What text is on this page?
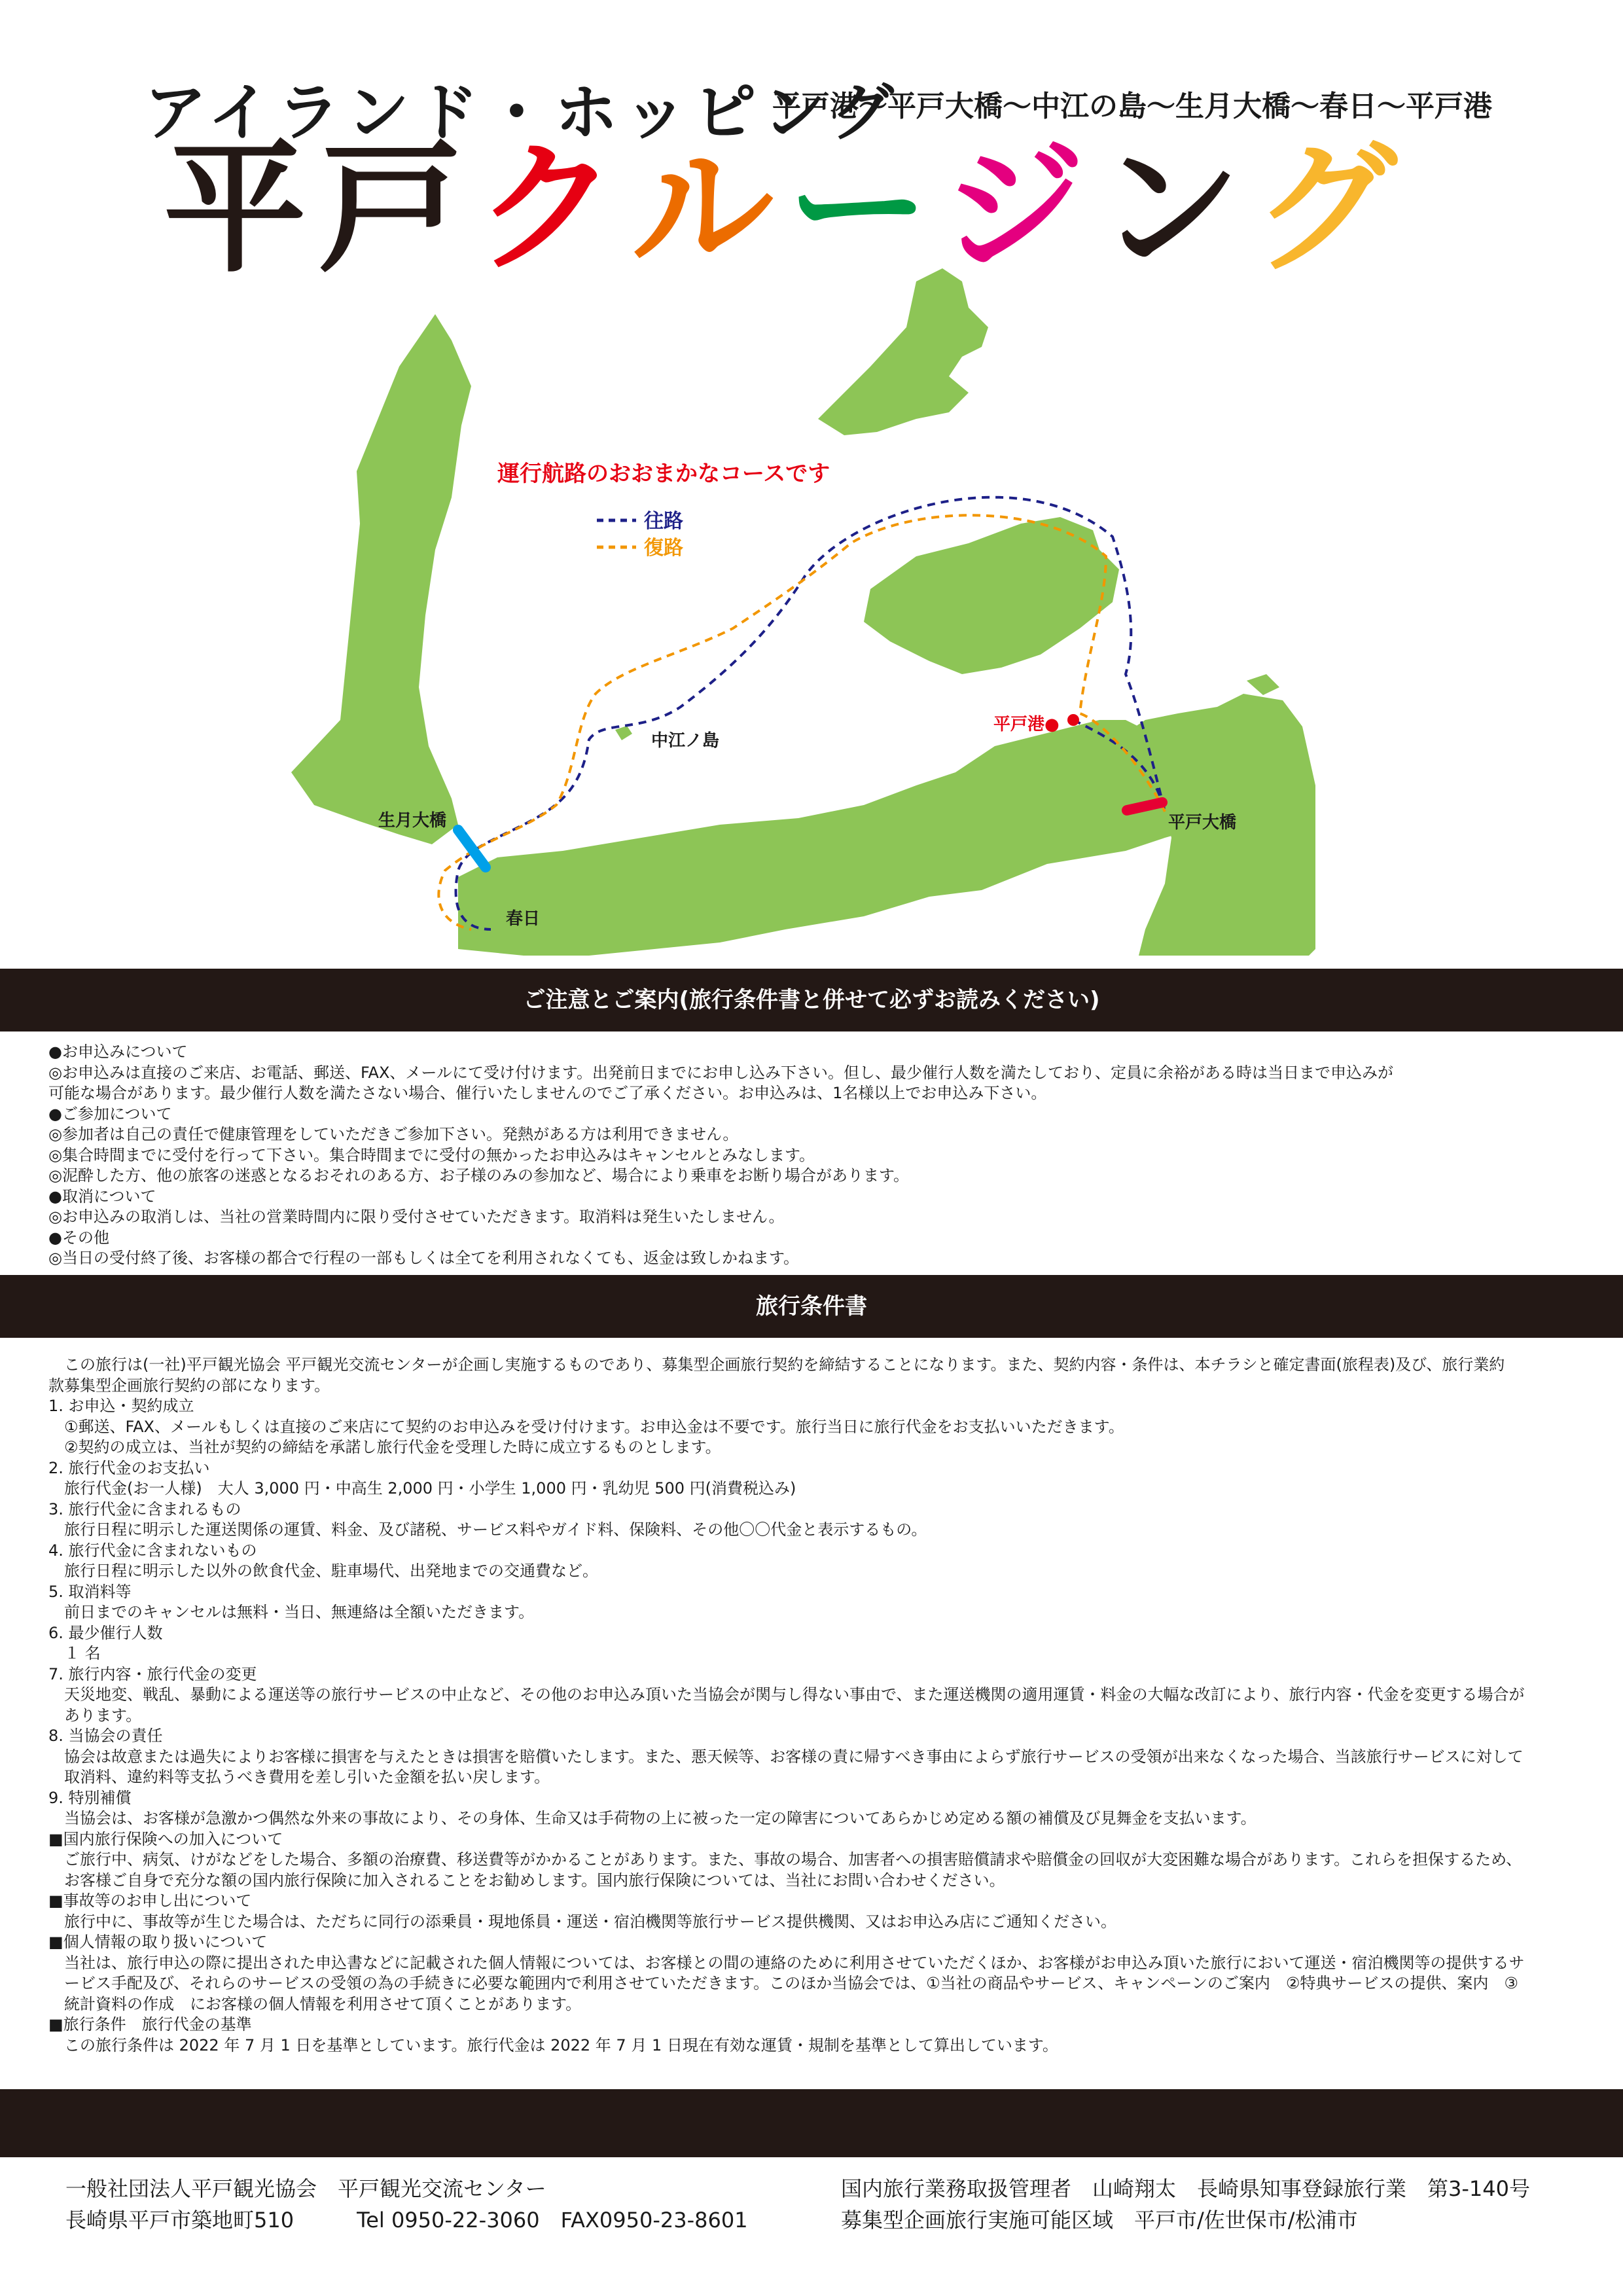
アイランド・ホッピング
平戸港〜平戸大橋〜中江の島〜生月大橋〜春日〜平戸港
平戸クルージング
運行航路のおおまかなコースです
往路
復路
中江ノ島
平戸港●
生月大橋
春日
平戸大橋
ご注意とご案内(旅行条件書と併せて必ずお読みください)

●お申込みについて

◎お申込みは直接のご来店、お電話、郵送、FAX、メールにて受け付けます。出発前日までにお申し込み下さい。但し、最少催行人数を満たしており、定員に余裕がある時は当日まで申込みが

可能な場合があります。最少催行人数を満たさない場合、催行いたしませんのでご了承ください。お申込みは、1名様以上でお申込み下さい。

●ご参加について

◎参加者は自己の責任で健康管理をしていただきご参加下さい。発熱がある方は利用できません。

◎集合時間までに受付を行って下さい。集合時間までに受付の無かったお申込みはキャンセルとみなします。

◎泥酔した方、他の旅客の迷惑となるおそれのある方、お子様のみの参加など、場合により乗車をお断り場合があります。

●取消について

◎お申込みの取消しは、当社の営業時間内に限り受付させていただきます。取消料は発生いたしません。

●その他

◎当日の受付終了後、お客様の都合で行程の一部もしくは全てを利用されなくても、返金は致しかねます。

旅行条件書

　この旅行は(一社)平戸観光協会 平戸観光交流センターが企画し実施するものであり、募集型企画旅行契約を締結することになります。また、契約内容・条件は、本チラシと確定書面(旅程表)及び、旅行業約

款募集型企画旅行契約の部になります。

1. お申込・契約成立

　①郵送、FAX、メールもしくは直接のご来店にて契約のお申込みを受け付けます。お申込金は不要です。旅行当日に旅行代金をお支払いいただきます。

　②契約の成立は、当社が契約の締結を承諾し旅行代金を受理した時に成立するものとします。

2. 旅行代金のお支払い

　旅行代金(お一人様)　大人 3,000 円・中高生 2,000 円・小学生 1,000 円・乳幼児 500 円(消費税込み)

3. 旅行代金に含まれるもの

　旅行日程に明示した運送関係の運賃、料金、及び諸税、サービス料やガイド料、保険料、その他〇〇代金と表示するもの。

4. 旅行代金に含まれないもの

　旅行日程に明示した以外の飲食代金、駐車場代、出発地までの交通費など。

5. 取消料等

　前日までのキャンセルは無料・当日、無連絡は全額いただきます。

6. 最少催行人数

　１ 名

7. 旅行内容・旅行代金の変更

　天災地変、戦乱、暴動による運送等の旅行サービスの中止など、その他のお申込み頂いた当協会が関与し得ない事由で、また運送機関の適用運賃・料金の大幅な改訂により、旅行内容・代金を変更する場合が

　あります。

8. 当協会の責任

　協会は故意または過失によりお客様に損害を与えたときは損害を賠償いたします。また、悪天候等、お客様の責に帰すべき事由によらず旅行サービスの受領が出来なくなった場合、当該旅行サービスに対して

　取消料、違約料等支払うべき費用を差し引いた金額を払い戻します。

9. 特別補償

　当協会は、お客様が急激かつ偶然な外来の事故により、その身体、生命又は手荷物の上に被った一定の障害についてあらかじめ定める額の補償及び見舞金を支払います。

■国内旅行保険への加入について

　ご旅行中、病気、けがなどをした場合、多額の治療費、移送費等がかかることがあります。また、事故の場合、加害者への損害賠償請求や賠償金の回収が大変困難な場合があります。これらを担保するため、

　お客様ご自身で充分な額の国内旅行保険に加入されることをお勧めします。国内旅行保険については、当社にお問い合わせください。

■事故等のお申し出について

　旅行中に、事故等が生じた場合は、ただちに同行の添乗員・現地係員・運送・宿泊機関等旅行サービス提供機関、又はお申込み店にご通知ください。

■個人情報の取り扱いについて

　当社は、旅行申込の際に提出された申込書などに記載された個人情報については、お客様との間の連絡のために利用させていただくほか、お客様がお申込み頂いた旅行において運送・宿泊機関等の提供するサ

　ービス手配及び、それらのサービスの受領の為の手続きに必要な範囲内で利用させていただきます。このほか当協会では、①当社の商品やサービス、キャンペーンのご案内　②特典サービスの提供、案内　③

　統計資料の作成　にお客様の個人情報を利用させて頂くことがあります。

■旅行条件　旅行代金の基準

　この旅行条件は 2022 年 7 月 1 日を基準としています。旅行代金は 2022 年 7 月 1 日現在有効な運賃・規制を基準として算出しています。

一般社団法人平戸観光協会　平戸観光交流センター
長崎県平戸市築地町510　　　Tel 0950-22-3060　FAX0950-23-8601
国内旅行業務取扱管理者　山崎翔太　長崎県知事登録旅行業　第3-140号
募集型企画旅行実施可能区域　平戸市/佐世保市/松浦市
